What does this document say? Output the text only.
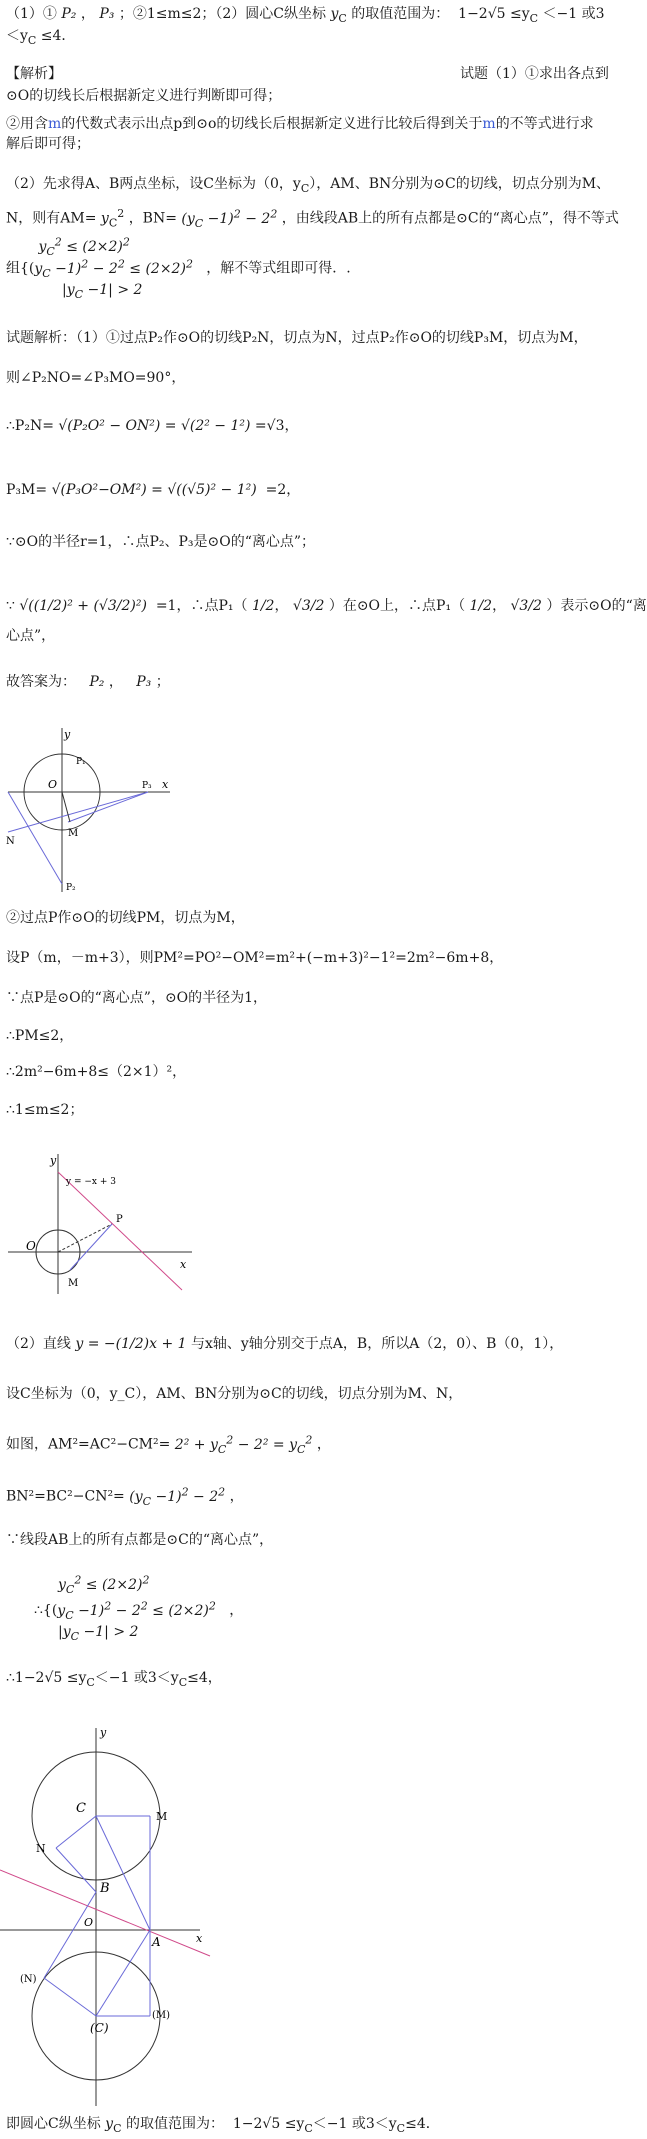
（1）① P₂ ， P₃ ；②1≤m≤2；（2）圆心C纵坐标 $y_C$ 的取值范围为： $1-2√5 \le y_C <-1$ 或3
$<y_C \le 4$．
【解析】	试题（1）①求出各点到
⊙O的切线长后根据新定义进行判断即可得；
②用含m的代数式表示出点p到⊙o的切线长后根据新定义进行比较后得到关于m的不等式进行求
解后即可得；
（2）先求得A、B两点坐标，设C坐标为（0，$y_C$），AM、BN分别为⊙C的切线，切点分别为M、
N，则有$AM= y_C^2$ ，$BN= (y_C -1)^2 - 2^2$ ，由线段AB上的所有点都是⊙C的“离心点”，得不等式
$y_C^2 \le (2\times 2)^2$
组{$(y_C -1)^2 - 2^2 \le (2\times 2)^2$ ，解不等式组即可得．.
$|y_C -1| > 2$
试题解析：（1）①过点P₂作⊙O的切线P₂N，切点为N，过点P₂作⊙O的切线P₃M，切点为M，
则∠P₂NO=∠P₃MO=90°，
∴P₂N= √(P₂O² − ON²) = √(2² − 1²) =√3，
P₃M= √(P₃O²−OM²) = √((√5)² − 1²) =2，
∵⊙O的半径r=1，∴点P₂、P₃是⊙O的“离心点”；
∵ √((1/2)² + (√3/2)²) =1，∴点P₁（ 1/2， √3/2 ）在⊙O上，∴点P₁（ 1/2， √3/2 ）表示⊙O的“离
心点”，
故答案为： P₂ ， P₃ ；
y
x
O
P₁
P₃
P₂
N
M
②过点P作⊙O的切线PM，切点为M，
设P（m，－m+3），则PM²=PO²−OM²=m²+(−m+3)²−1²=2m²−6m+8，
∵点P是⊙O的“离心点”，⊙O的半径为1，
∴PM≤2，
∴2m²−6m+8≤（2×1）²，
∴1≤m≤2；
y
x
O
y = −x + 3
P
M
（2）直线 y = −(1/2)x + 1 与x轴、y轴分别交于点A，B，所以A（2，0）、B（0，1），
设C坐标为（0，y_C），AM、BN分别为⊙C的切线，切点分别为M、N，
如图，$AM^2=AC^2-CM^2= 2^2 + y_C^2 - 2^2 = y_C^2$ ，
$BN^2=BC^2-CN^2= (y_C -1)^2 - 2^2$ ，
∵线段AB上的所有点都是⊙C的“离心点”，
$y_C^2 \le (2\times 2)^2$
$\therefore\{(y_C -1)^2 - 2^2 \le (2\times 2)^2$ ，
$|y_C -1| > 2$
∴1−2√5 $\le y_C<-1$ 或$3<y_C\le 4$，
y
x
O
C
B
A
M
N
(N)
(C)
(M)
即圆心C纵坐标 $y_C$ 的取值范围为： $1-2√5 \le y_C<-1$ 或$3<y_C\le 4$．
